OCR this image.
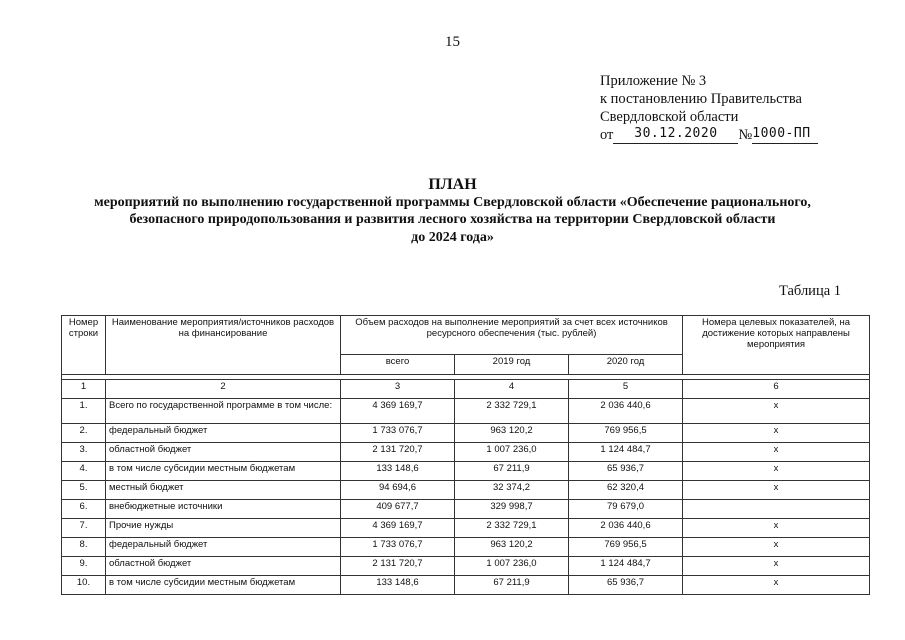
15
Приложение № 3
к постановлению Правительства
Свердловской области
от	30.12.2020	№ 1000-ПП
ПЛАН
мероприятий по выполнению государственной программы Свердловской области «Обеспечение рационального,
безопасного природопользования и развития лесного хозяйства на территории Свердловской области
до 2024 года»
Таблица 1
Номер строки	Наименование мероприятия/источников расходов на финансирование	Объем расходов на выполнение мероприятий за счет всех источников ресурсного обеспечения (тыс. рублей)			Номера целевых показателей, на достижение которых направлены мероприятия
		всего	2019 год	2020 год	

1	2	3	4	5	6
1.	Всего по государственной программе в том числе:	4 369 169,7	2 332 729,1	2 036 440,6	х
2.	федеральный бюджет	1 733 076,7	963 120,2	769 956,5	х
3.	областной бюджет	2 131 720,7	1 007 236,0	1 124 484,7	х
4.	в том числе субсидии местным бюджетам	133 148,6	67 211,9	65 936,7	х
5.	местный бюджет	94 694,6	32 374,2	62 320,4	х
6.	внебюджетные источники	409 677,7	329 998,7	79 679,0	
7.	Прочие нужды	4 369 169,7	2 332 729,1	2 036 440,6	х
8.	федеральный бюджет	1 733 076,7	963 120,2	769 956,5	х
9.	областной бюджет	2 131 720,7	1 007 236,0	1 124 484,7	х
10.	в том числе субсидии местным бюджетам	133 148,6	67 211,9	65 936,7	х
